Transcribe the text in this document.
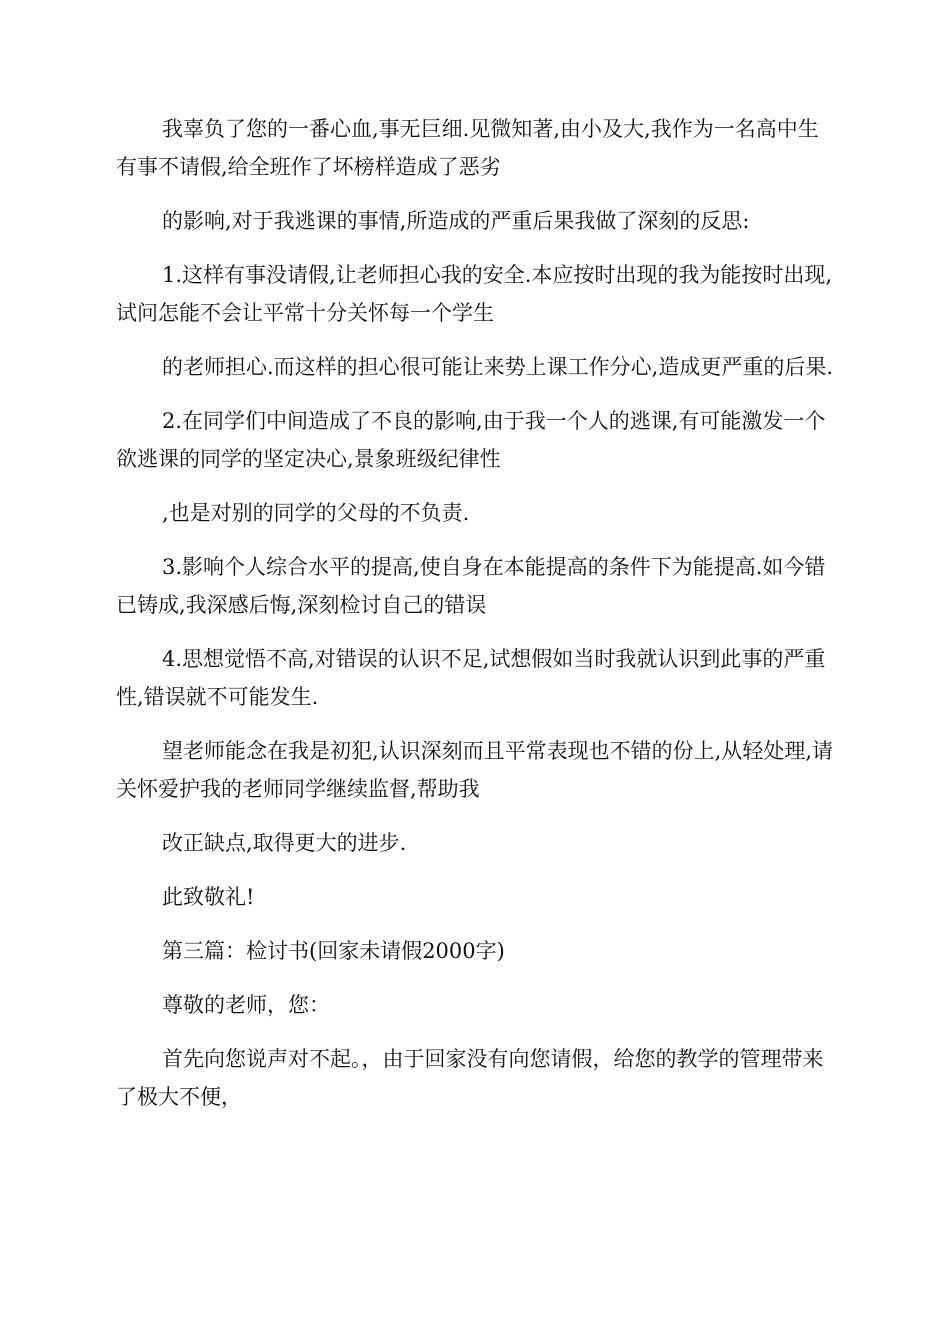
我辜负了您的一番心血,事无巨细.见微知著,由小及大,我作为一名高中生有事不请假,给全班作了坏榜样造成了恶劣

的影响,对于我逃课的事情,所造成的严重后果我做了深刻的反思:

1.这样有事没请假,让老师担心我的安全.本应按时出现的我为能按时出现,试问怎能不会让平常十分关怀每一个学生

的老师担心.而这样的担心很可能让来势上课工作分心,造成更严重的后果.

2.在同学们中间造成了不良的影响,由于我一个人的逃课,有可能激发一个欲逃课的同学的坚定决心,景象班级纪律性

,也是对别的同学的父母的不负责.

3.影响个人综合水平的提高,使自身在本能提高的条件下为能提高.如今错已铸成,我深感后悔,深刻检讨自己的错误

4.思想觉悟不高,对错误的认识不足,试想假如当时我就认识到此事的严重性,错误就不可能发生.

望老师能念在我是初犯,认识深刻而且平常表现也不错的份上,从轻处理,请关怀爱护我的老师同学继续监督,帮助我

改正缺点,取得更大的进步.

此致敬礼!

第三篇：检讨书(回家未请假2000字)

尊敬的老师，您：

首先向您说声对不起。，由于回家没有向您请假，给您的教学的管理带来了极大不便，
